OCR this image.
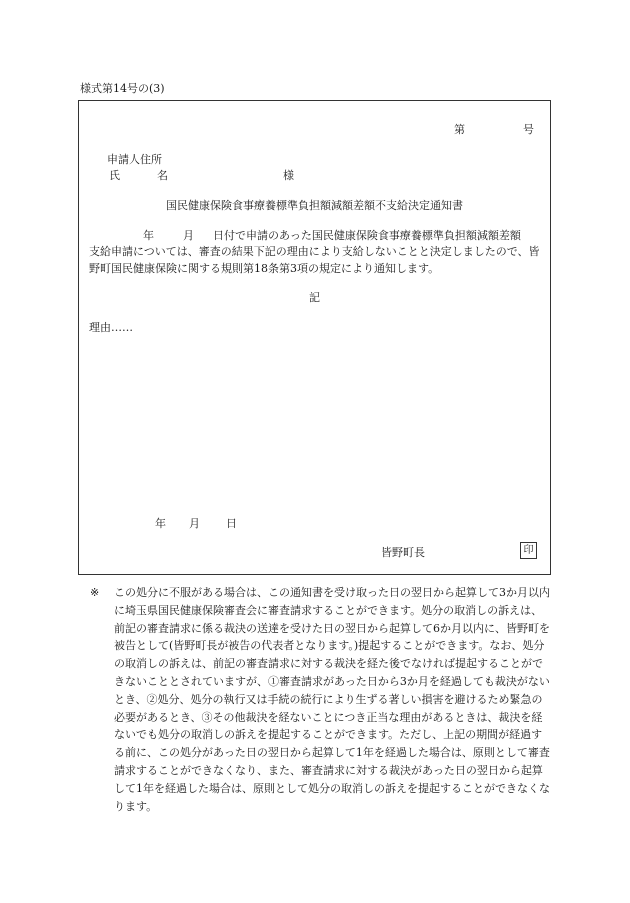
様式第14号の(3)
第	号
申請人住所
氏	名	様
国民健康保険食事療養標準負担額減額差額不支給決定通知書
年	月 日付で申請のあった国民健康保険食事療養標準負担額減額差額

支給申請については、審査の結果下記の理由により支給しないことと決定しましたので、皆野町国民健康保険に関する規則第18条第3項の規定により通知します。

記
理由……
年 月 日
皆野町長	印
※	この処分に不服がある場合は、この通知書を受け取った日の翌日から起算して3か月以内に埼玉県国民健康保険審査会に審査請求することができます。処分の取消しの訴えは、前記の審査請求に係る裁決の送達を受けた日の翌日から起算して6か月以内に、皆野町を被告として(皆野町長が被告の代表者となります。)提起することができます。なお、処分の取消しの訴えは、前記の審査請求に対する裁決を経た後でなければ提起することができないこととされていますが、①審査請求があった日から3か月を経過しても裁決がないとき、②処分、処分の執行又は手続の続行により生ずる著しい損害を避けるため緊急の必要があるとき、③その他裁決を経ないことにつき正当な理由があるときは、裁決を経ないでも処分の取消しの訴えを提起することができます。ただし、上記の期間が経過する前に、この処分があった日の翌日から起算して1年を経過した場合は、原則として審査請求することができなくなり、また、審査請求に対する裁決があった日の翌日から起算して1年を経過した場合は、原則として処分の取消しの訴えを提起することができなくなります。
